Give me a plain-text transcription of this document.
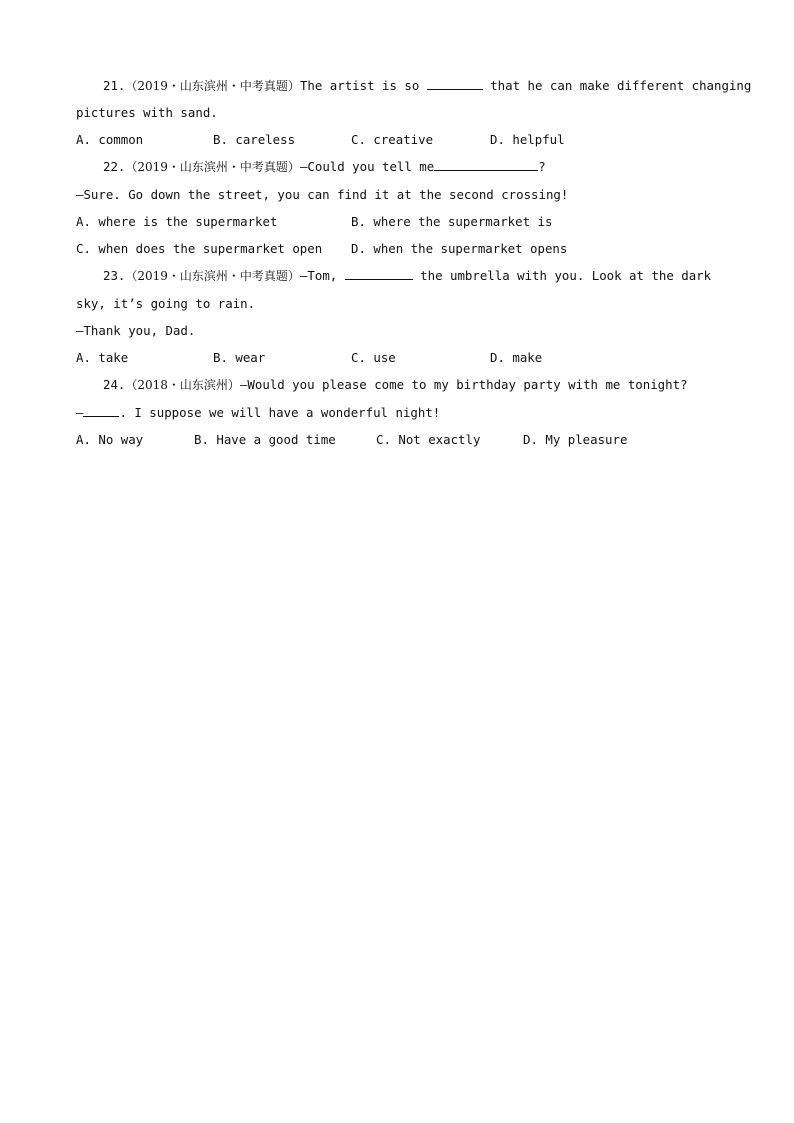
21.（2019・山东滨州・中考真题）The artist is so	that he can make different changing
pictures with sand.
A. common	B. careless	C. creative	D. helpful
22.（2019・山东滨州・中考真题）—Could you tell me	?
—Sure. Go down the street, you can find it at the second crossing!
A. where is the supermarket	B. where the supermarket is
C. when does the supermarket open D. when the supermarket opens
23.（2019・山东滨州・中考真题）—Tom,	the umbrella with you. Look at the dark
sky, it’s going to rain.
—Thank you, Dad.
A. take	B. wear	C. use	D. make
24.（2018・山东滨州）—Would you please come to my birthday party with me tonight?
—	. I suppose we will have a wonderful night!
A. No way	B. Have a good time	C. Not exactly	D. My pleasure
